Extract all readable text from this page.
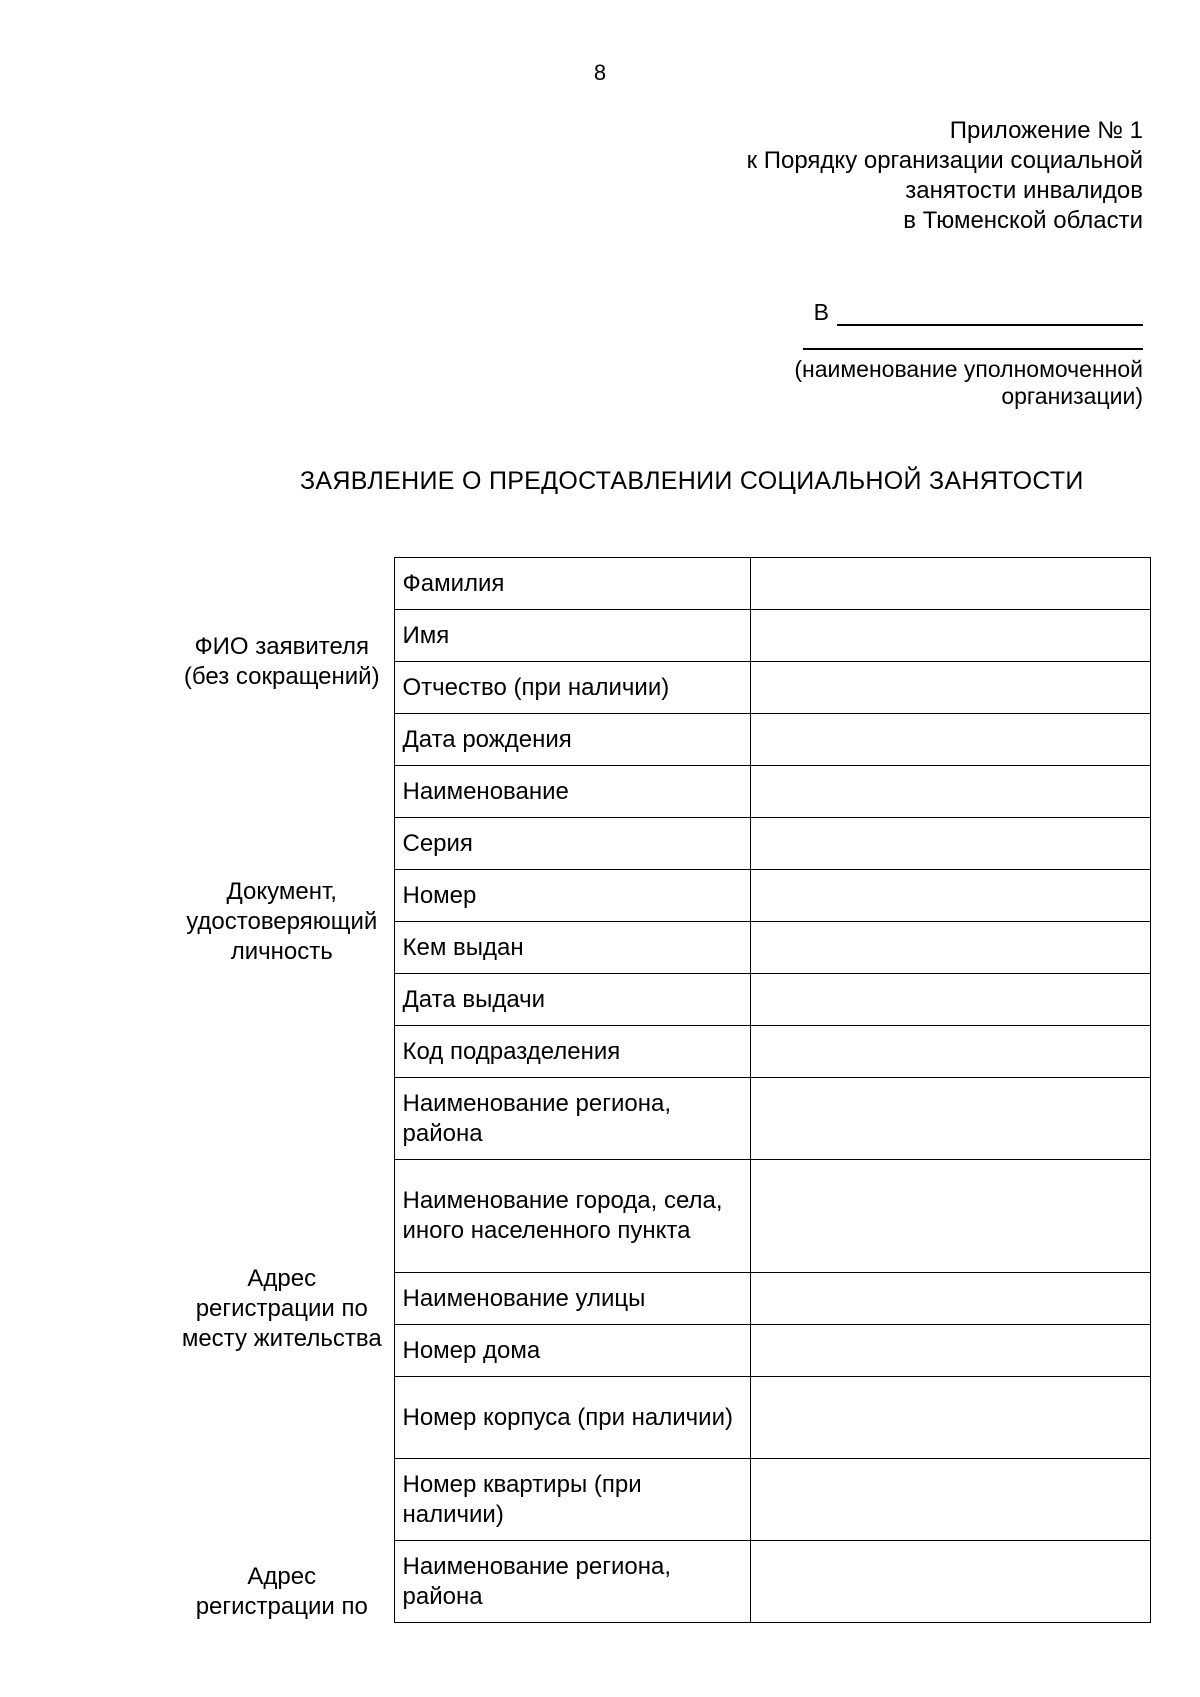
8
Приложение № 1
к Порядку организации социальной
занятости инвалидов
в Тюменской области
В
(наименование уполномоченной
организации)
ЗАЯВЛЕНИЕ О ПРЕДОСТАВЛЕНИИ СОЦИАЛЬНОЙ ЗАНЯТОСТИ
ФИО заявителя (без сокращений)	Фамилия	
	Имя	
	Отчество (при наличии)	
	Дата рождения	
Документ, удостоверяющий личность	Наименование	
	Серия	
	Номер	
	Кем выдан	
	Дата выдачи	
	Код подразделения	
Адрес регистрации по месту жительства	Наименование региона, района	
	Наименование города, села, иного населенного пункта	
	Наименование улицы	
	Номер дома	
	Номер корпуса (при наличии)	
	Номер квартиры (при наличии)	
Адрес регистрации по	Наименование региона, района	
